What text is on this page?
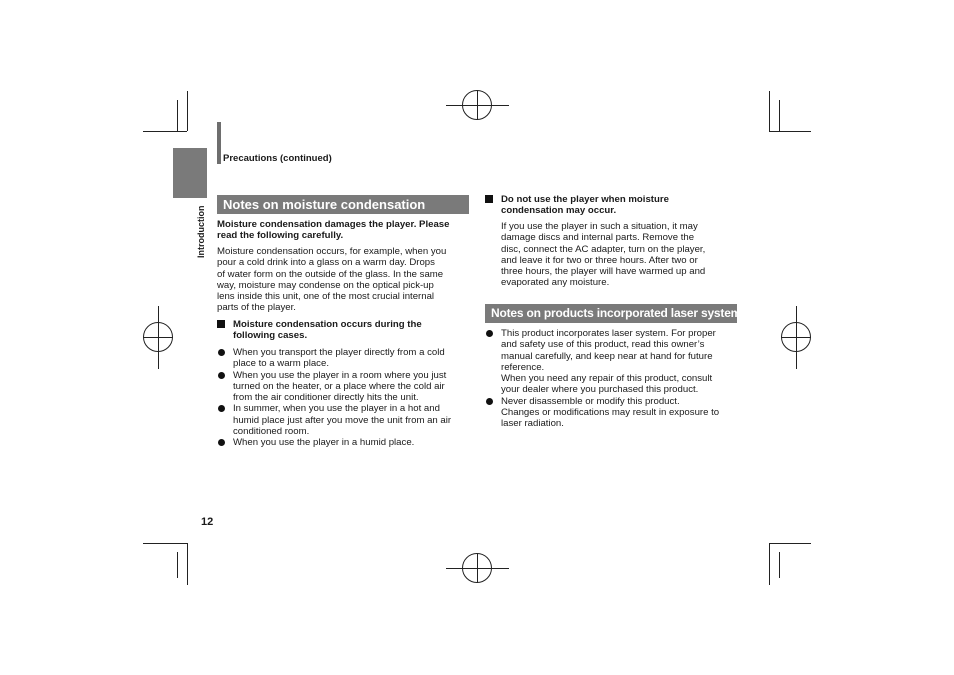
Introduction
Precautions (continued)
Notes on moisture condensation

Moisture condensation damages the player. Please
read the following carefully.

Moisture condensation occurs, for example, when you
pour a cold drink into a glass on a warm day. Drops
of water form on the outside of the glass. In the same
way, moisture may condense on the optical pick-up
lens inside this unit, one of the most crucial internal
parts of the player.

Moisture condensation occurs during the
following cases.
When you transport the player directly from a cold
place to a warm place.
When you use the player in a room where you just
turned on the heater, or a place where the cold air
from the air conditioner directly hits the unit.
In summer, when you use the player in a hot and
humid place just after you move the unit from an air
conditioned room.
When you use the player in a humid place.
Do not use the player when moisture
condensation may occur.

If you use the player in such a situation, it may
damage discs and internal parts. Remove the
disc, connect the AC adapter, turn on the player,
and leave it for two or three hours. After two or
three hours, the player will have warmed up and
evaporated any moisture.

Notes on products incorporated laser system
This product incorporates laser system. For proper
and safety use of this product, read this owner’s
manual carefully, and keep near at hand for future
reference.
When you need any repair of this product, consult
your dealer where you purchased this product.
Never disassemble or modify this product.
Changes or modifications may result in exposure to
laser radiation.
12
